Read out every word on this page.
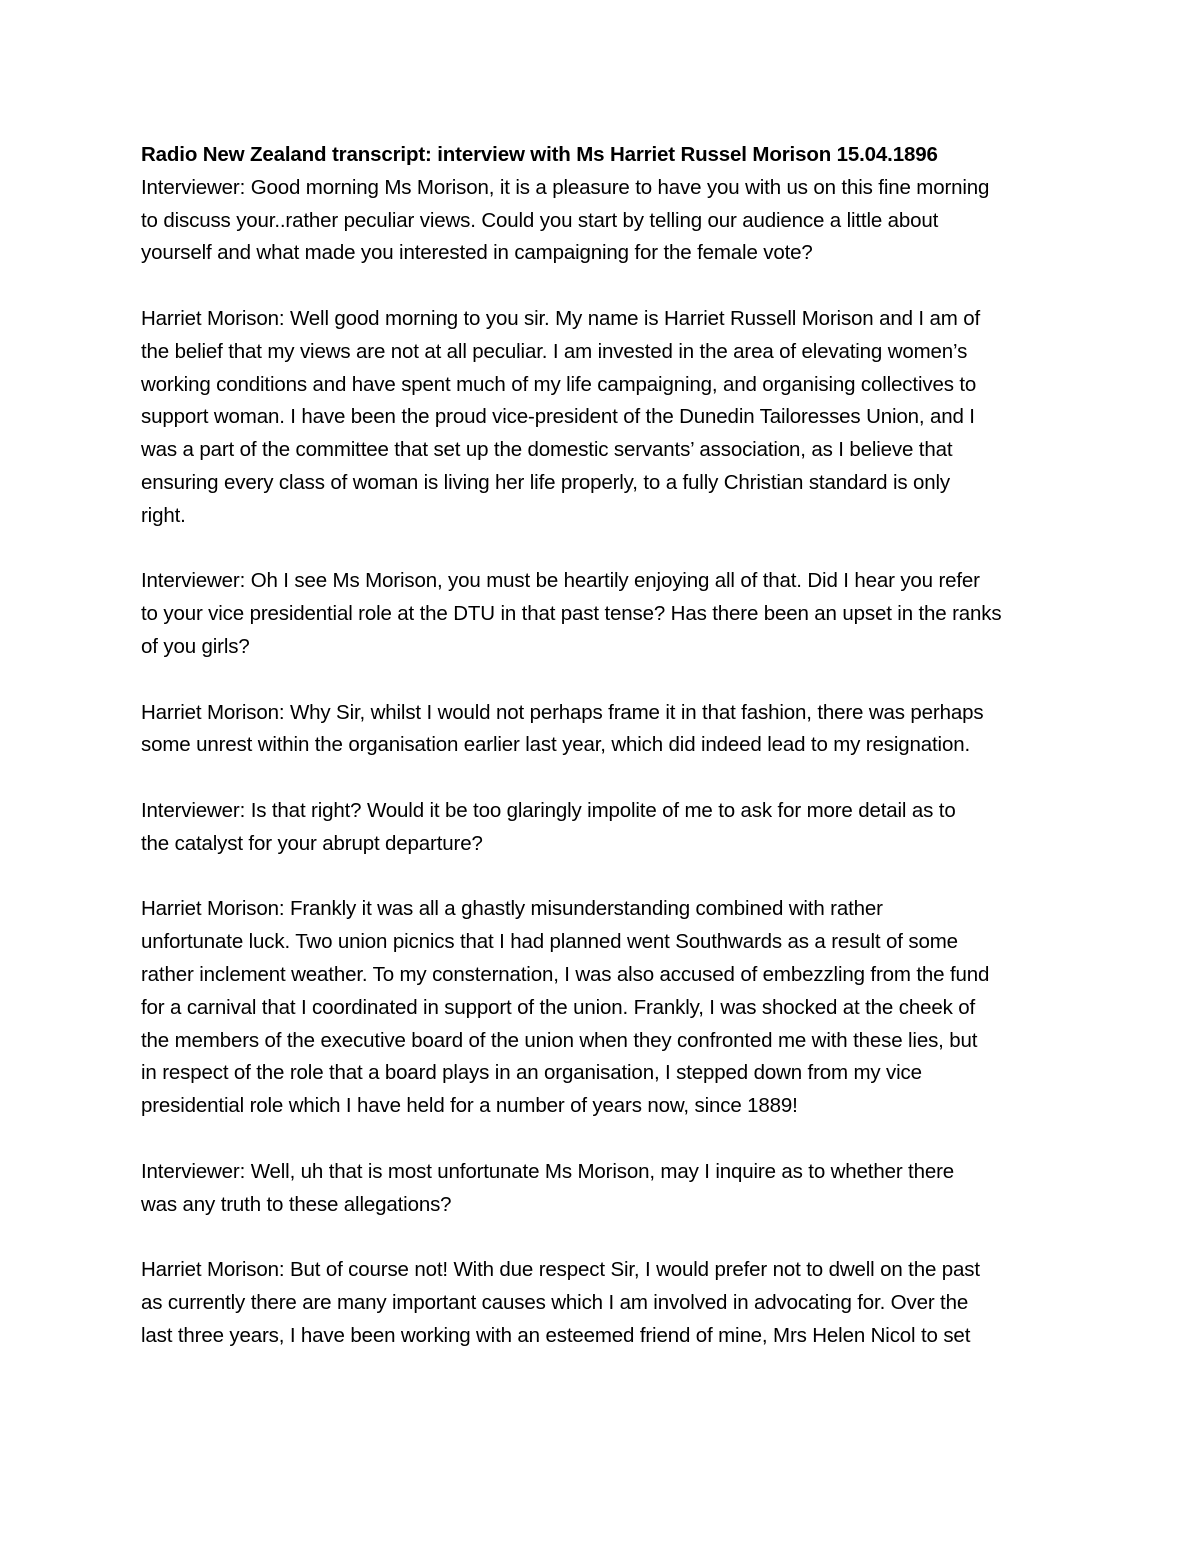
Radio New Zealand transcript: interview with Ms Harriet Russel Morison 15.04.1896
Interviewer: Good morning Ms Morison, it is a pleasure to have you with us on this fine morning
to discuss your..rather peculiar views. Could you start by telling our audience a little about
yourself and what made you interested in campaigning for the female vote?
Harriet Morison: Well good morning to you sir. My name is Harriet Russell Morison and I am of
the belief that my views are not at all peculiar. I am invested in the area of elevating women’s
working conditions and have spent much of my life campaigning, and organising collectives to
support woman. I have been the proud vice-president of the Dunedin Tailoresses Union, and I
was a part of the committee that set up the domestic servants’ association, as I believe that
ensuring every class of woman is living her life properly, to a fully Christian standard is only
right.
Interviewer: Oh I see Ms Morison, you must be heartily enjoying all of that. Did I hear you refer
to your vice presidential role at the DTU in that past tense? Has there been an upset in the ranks
of you girls?
Harriet Morison: Why Sir, whilst I would not perhaps frame it in that fashion, there was perhaps
some unrest within the organisation earlier last year, which did indeed lead to my resignation.
Interviewer: Is that right? Would it be too glaringly impolite of me to ask for more detail as to
the catalyst for your abrupt departure?
Harriet Morison: Frankly it was all a ghastly misunderstanding combined with rather
unfortunate luck. Two union picnics that I had planned went Southwards as a result of some
rather inclement weather. To my consternation, I was also accused of embezzling from the fund
for a carnival that I coordinated in support of the union. Frankly, I was shocked at the cheek of
the members of the executive board of the union when they confronted me with these lies, but
in respect of the role that a board plays in an organisation, I stepped down from my vice
presidential role which I have held for a number of years now, since 1889!
Interviewer: Well, uh that is most unfortunate Ms Morison, may I inquire as to whether there
was any truth to these allegations?
Harriet Morison: But of course not! With due respect Sir, I would prefer not to dwell on the past
as currently there are many important causes which I am involved in advocating for. Over the
last three years, I have been working with an esteemed friend of mine, Mrs Helen Nicol to set
